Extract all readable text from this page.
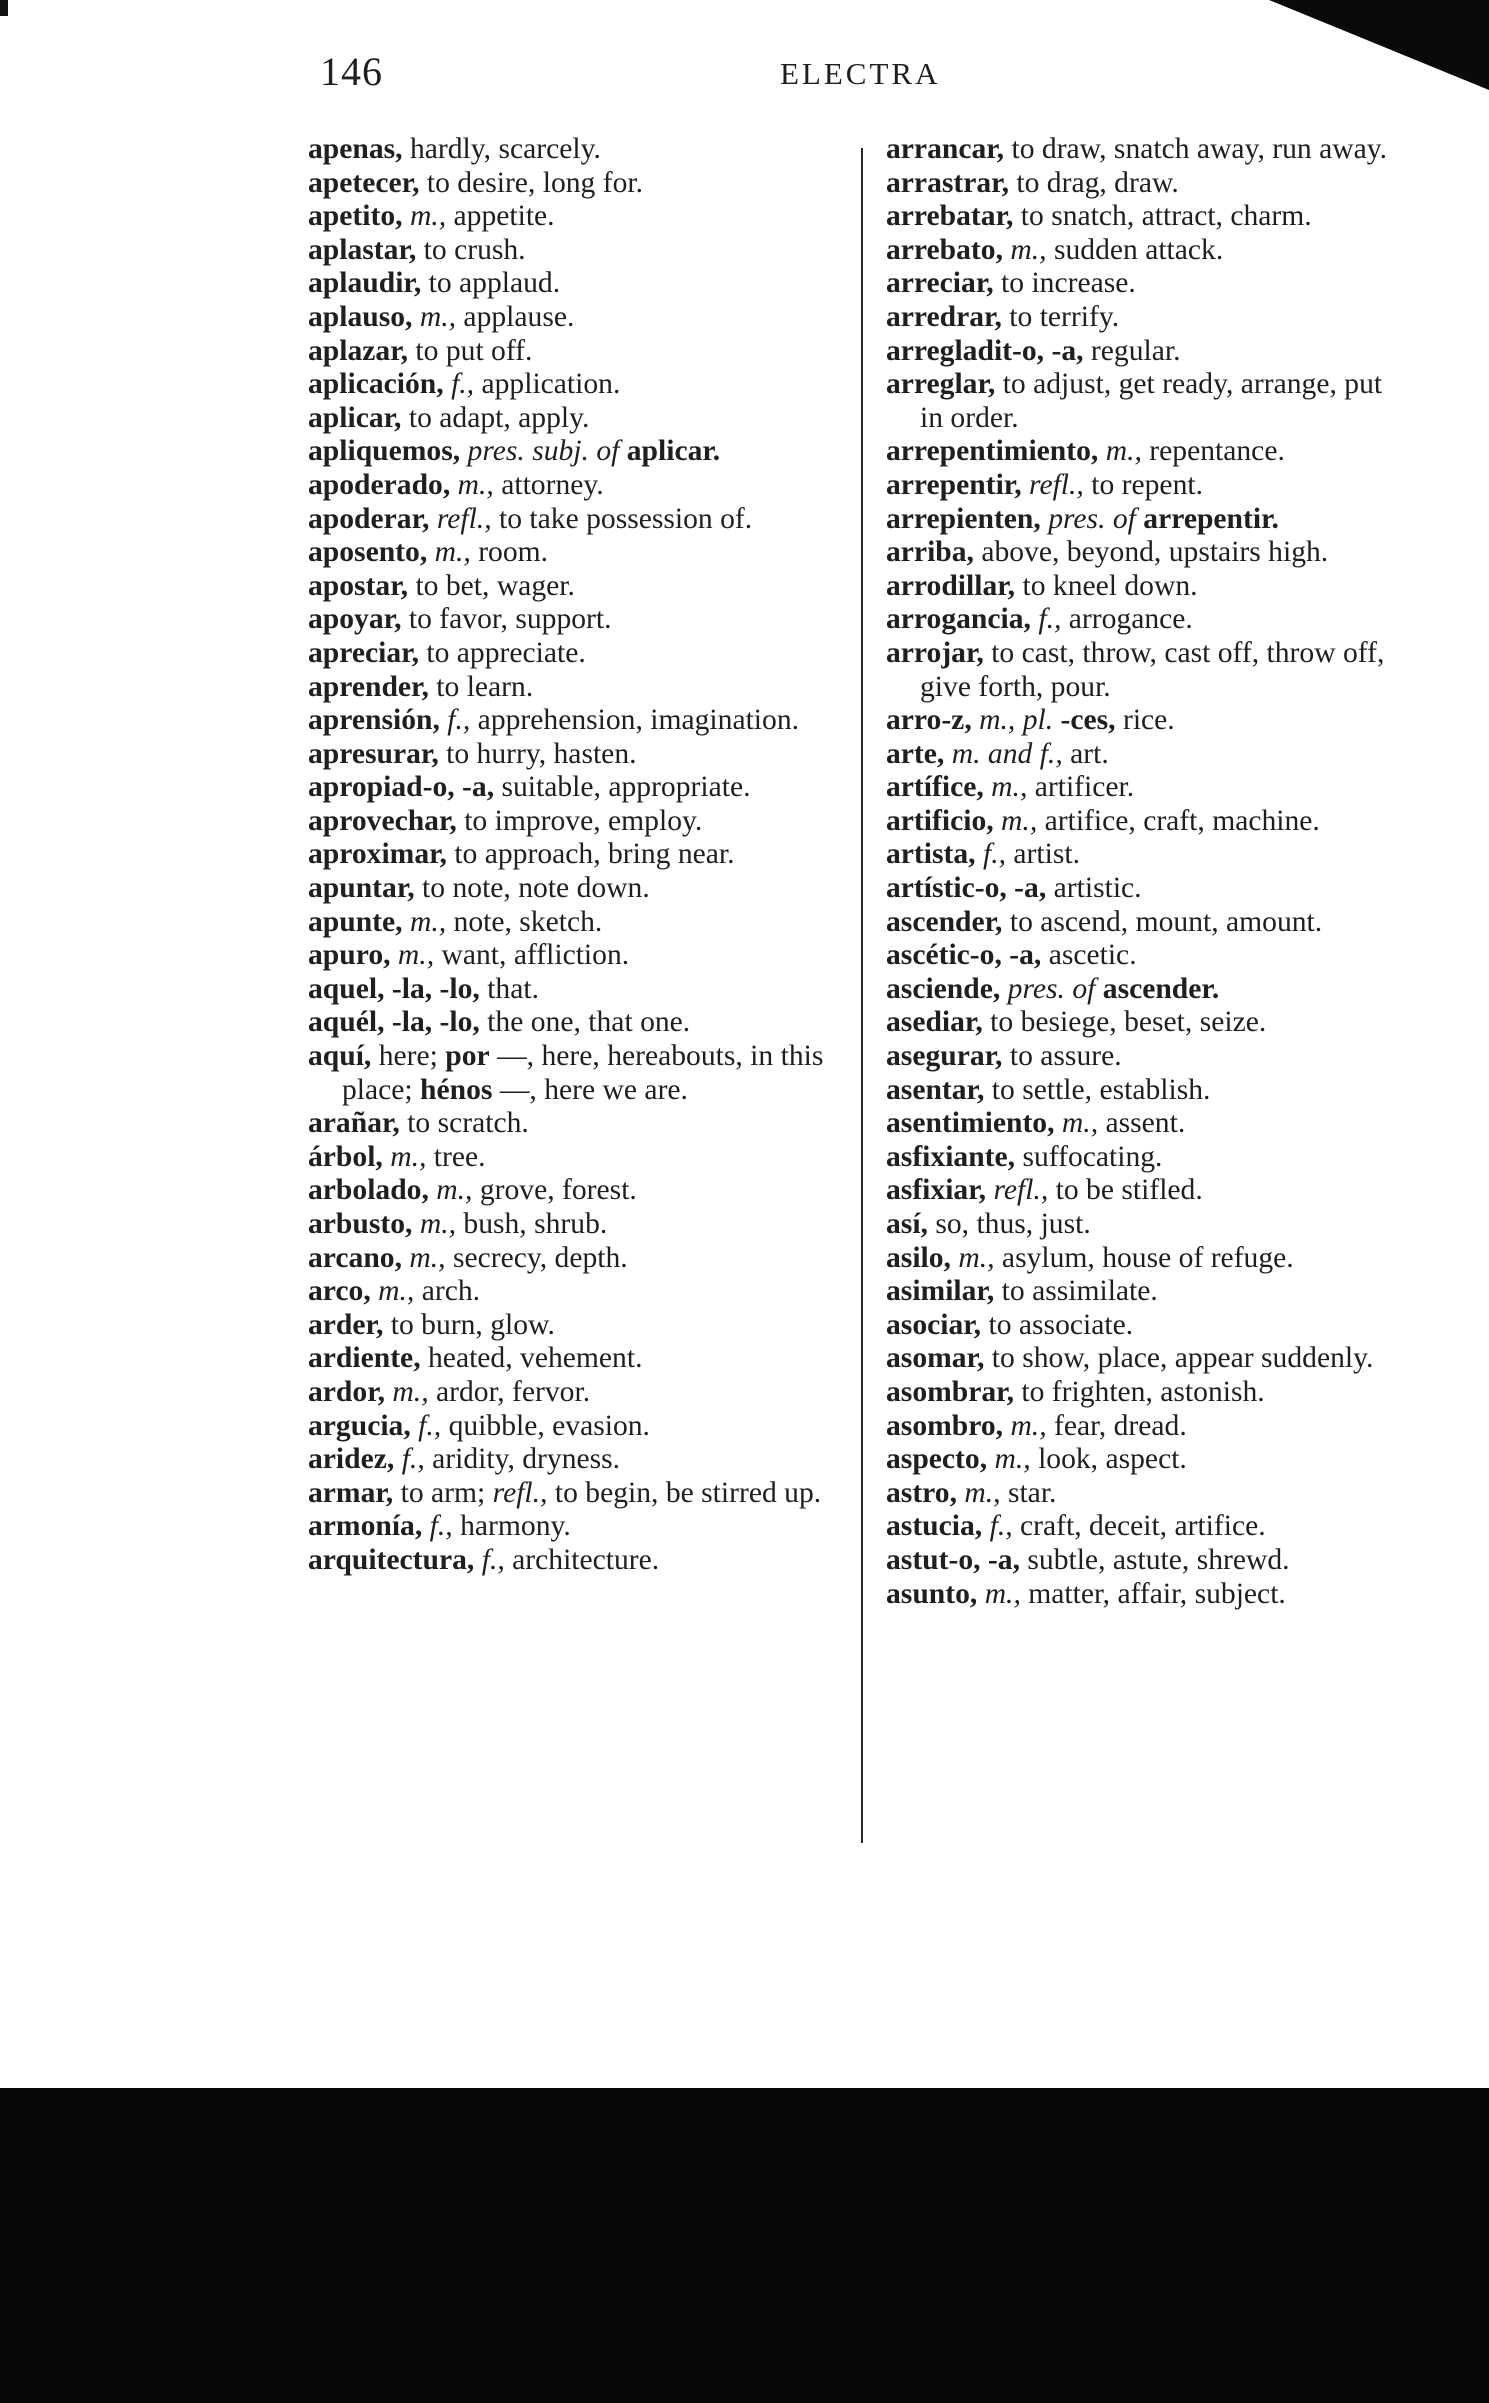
146	ELECTRA
apenas, hardly, scarcely.
apetecer, to desire, long for.
apetito, m., appetite.
aplastar, to crush.
aplaudir, to applaud.
aplauso, m., applause.
aplazar, to put off.
aplicación, f., application.
aplicar, to adapt, apply.
apliquemos, pres. subj. of aplicar.
apoderado, m., attorney.
apoderar, refl., to take possession of.
aposento, m., room.
apostar, to bet, wager.
apoyar, to favor, support.
apreciar, to appreciate.
aprender, to learn.
aprensión, f., apprehension, imagination.
apresurar, to hurry, hasten.
apropiad-o, -a, suitable, appropriate.
aprovechar, to improve, employ.
aproximar, to approach, bring near.
apuntar, to note, note down.
apunte, m., note, sketch.
apuro, m., want, affliction.
aquel, -la, -lo, that.
aquél, -la, -lo, the one, that one.
aquí, here; por —, here, hereabouts, in this place; hénos —, here we are.
arañar, to scratch.
árbol, m., tree.
arbolado, m., grove, forest.
arbusto, m., bush, shrub.
arcano, m., secrecy, depth.
arco, m., arch.
arder, to burn, glow.
ardiente, heated, vehement.
ardor, m., ardor, fervor.
argucia, f., quibble, evasion.
aridez, f., aridity, dryness.
armar, to arm; refl., to begin, be stirred up.
armonía, f., harmony.
arquitectura, f., architecture.
arrancar, to draw, snatch away, run away.
arrastrar, to drag, draw.
arrebatar, to snatch, attract, charm.
arrebato, m., sudden attack.
arreciar, to increase.
arredrar, to terrify.
arregladit-o, -a, regular.
arreglar, to adjust, get ready, arrange, put in order.
arrepentimiento, m., repentance.
arrepentir, refl., to repent.
arrepienten, pres. of arrepentir.
arriba, above, beyond, upstairs high.
arrodillar, to kneel down.
arrogancia, f., arrogance.
arrojar, to cast, throw, cast off, throw off, give forth, pour.
arro-z, m., pl. -ces, rice.
arte, m. and f., art.
artífice, m., artificer.
artificio, m., artifice, craft, machine.
artista, f., artist.
artístic-o, -a, artistic.
ascender, to ascend, mount, amount.
ascétic-o, -a, ascetic.
asciende, pres. of ascender.
asediar, to besiege, beset, seize.
asegurar, to assure.
asentar, to settle, establish.
asentimiento, m., assent.
asfixiante, suffocating.
asfixiar, refl., to be stifled.
así, so, thus, just.
asilo, m., asylum, house of refuge.
asimilar, to assimilate.
asociar, to associate.
asomar, to show, place, appear suddenly.
asombrar, to frighten, astonish.
asombro, m., fear, dread.
aspecto, m., look, aspect.
astro, m., star.
astucia, f., craft, deceit, artifice.
astut-o, -a, subtle, astute, shrewd.
asunto, m., matter, affair, subject.
